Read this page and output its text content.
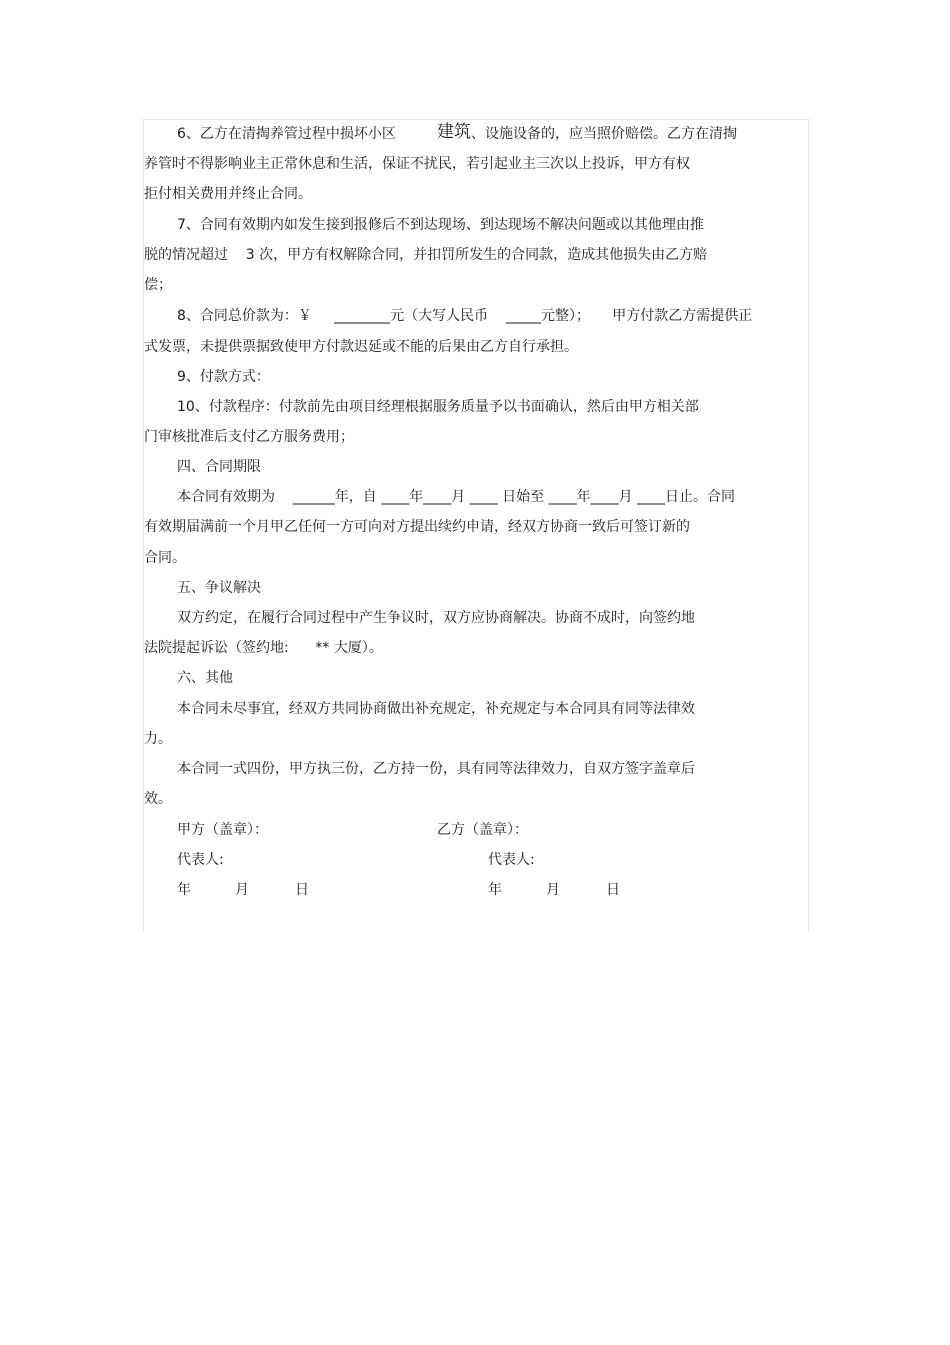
6、乙方在清掏养管过程中损坏小区 建筑 、设施设备的，应当照价赔偿。乙方在清掏
养管时不得影响业主正常休息和生活，保证不扰民，若引起业主三次以上投诉，甲方有权
拒付相关费用并终止合同。
7、合同有效期内如发生接到报修后不到达现场、到达现场不解决问题或以其他理由推
脱的情况超过    3 次，甲方有权解除合同，并扣罚所发生的合同款，造成其他损失由乙方赔
偿；
8、合同总价款为：￥     ________元（大写人民币    _____元整）；     甲方付款乙方需提供正
式发票，未提供票据致使甲方付款迟延或不能的后果由乙方自行承担。
9、付款方式：
10、付款程序：付款前先由项目经理根据服务质量予以书面确认，然后由甲方相关部
门审核批准后支付乙方服务费用；
四、合同期限
本合同有效期为    ______年，自 ____年____月 ____ 日始至 ____年____月 ____日止。合同
有效期届满前一个月甲乙任何一方可向对方提出续约申请，经双方协商一致后可签订新的
合同。
五、争议解决
双方约定，在履行合同过程中产生争议时，双方应协商解决。协商不成时，向签约地
法院提起诉讼（签约地:      ** 大厦）。
六、其他
本合同未尽事宜，经双方共同协商做出补充规定，补充规定与本合同具有同等法律效
力。
本合同一式四份，甲方执三份，乙方持一份，具有同等法律效力，自双方签字盖章后
效。
甲方（盖章）：	乙方（盖章）：
代表人:	代表人:
年	月	日	年	月	日
